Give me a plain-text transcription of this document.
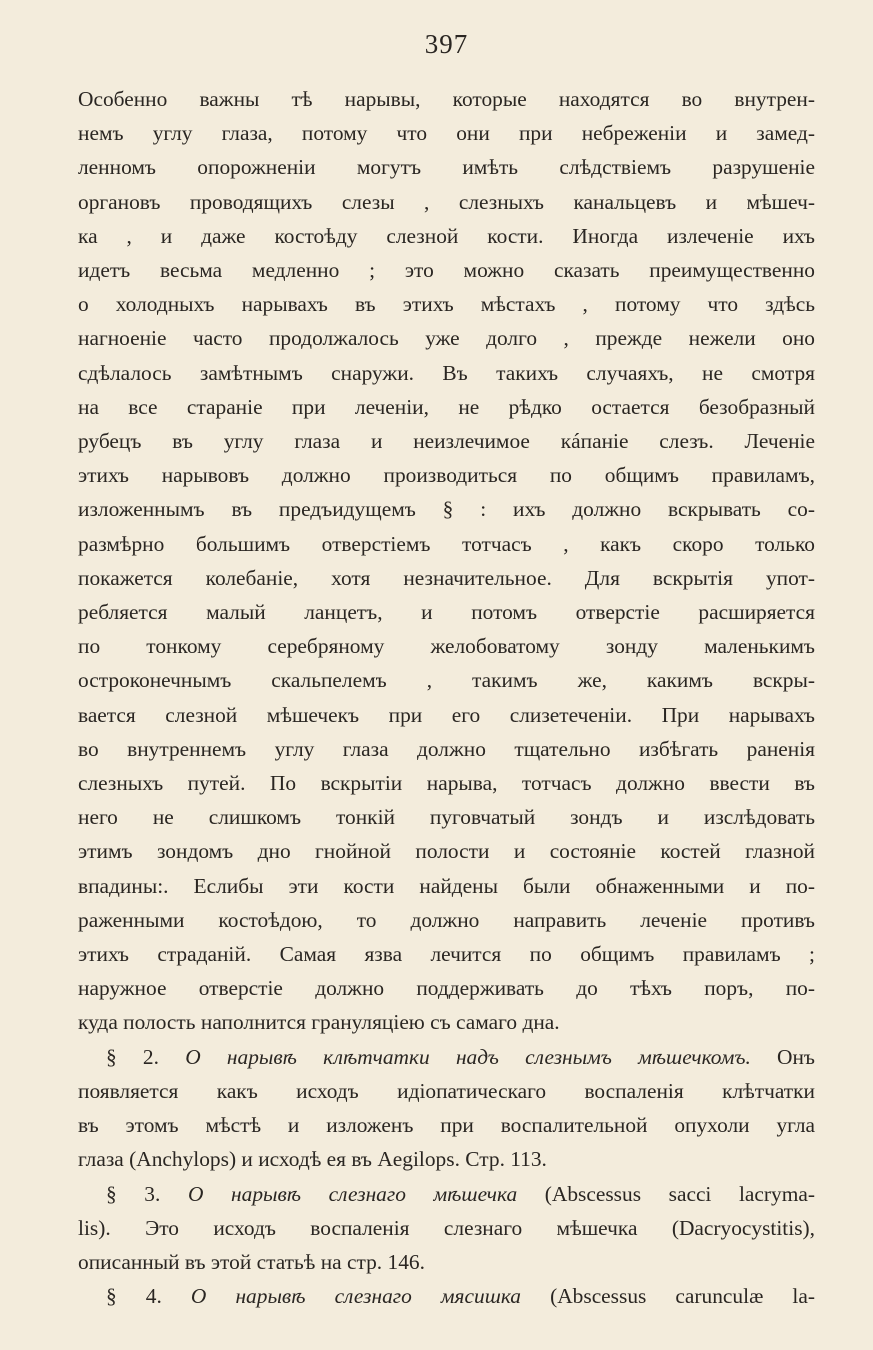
397
Особенно важны тѣ нарывы, которые находятся во внутрен-
немъ углу глаза, потому что они при небреженіи и замед-
ленномъ опорожненіи могутъ имѣть слѣдствіемъ разрушеніе
органовъ проводящихъ слезы , слезныхъ канальцевъ и мѣшеч-
ка , и даже костоѣду слезной кости. Иногда излеченіе ихъ
идетъ весьма медленно ; это можно сказать преимущественно
о холодныхъ нарывахъ въ этихъ мѣстахъ , потому что здѣсь
нагноеніе часто продолжалось уже долго , прежде нежели оно
сдѣлалось замѣтнымъ снаружи. Въ такихъ случаяхъ, не смотря
на все стараніе при леченіи, не рѣдко остается безобразный
рубецъ въ углу глаза и неизлечимое кáпаніе слезъ. Леченіе
этихъ нарывовъ должно производиться по общимъ правиламъ,
изложеннымъ въ предъидущемъ § : ихъ должно вскрывать со-
размѣрно большимъ отверстіемъ тотчасъ , какъ скоро только
покажется колебаніе, хотя незначительное. Для вскрытія упот-
ребляется малый ланцетъ, и потомъ отверстіе расширяется
по тонкому серебряному желобоватому зонду маленькимъ
остроконечнымъ скальпелемъ , такимъ же, какимъ вскры-
вается слезной мѣшечекъ при его слизетеченіи. При нарывахъ
во внутреннемъ углу глаза должно тщательно избѣгать раненія
слезныхъ путей. По вскрытіи нарыва, тотчасъ должно ввести въ
него не слишкомъ тонкій пуговчатый зондъ и изслѣдовать
этимъ зондомъ дно гнойной полости и состояніе костей глазной
впадины:. Еслибы эти кости найдены были обнаженными и по-
раженными костоѣдою, то должно направить леченіе противъ
этихъ страданій. Самая язва лечится по общимъ правиламъ ;
наружное отверстіе должно поддерживать до тѣхъ поръ, по-
куда полость наполнится грануляціею съ самаго дна.
§ 2. О нарывѣ клѣтчатки надъ слезнымъ мѣшечкомъ. Онъ
появляется какъ исходъ идіопатическаго воспаленія клѣтчатки
въ этомъ мѣстѣ и изложенъ при воспалительной опухоли угла
глаза (Anchylops) и исходѣ ея въ Aegilops. Стр. 113.
§ 3. О нарывѣ слезнаго мѣшечка (Abscessus sacci lacryma-
lis). Это исходъ воспаленія слезнаго мѣшечка (Dacryocystitis),
описанный въ этой статьѣ на стр. 146.
§ 4. О нарывѣ слезнаго мясишка (Abscessus carunculæ la-
